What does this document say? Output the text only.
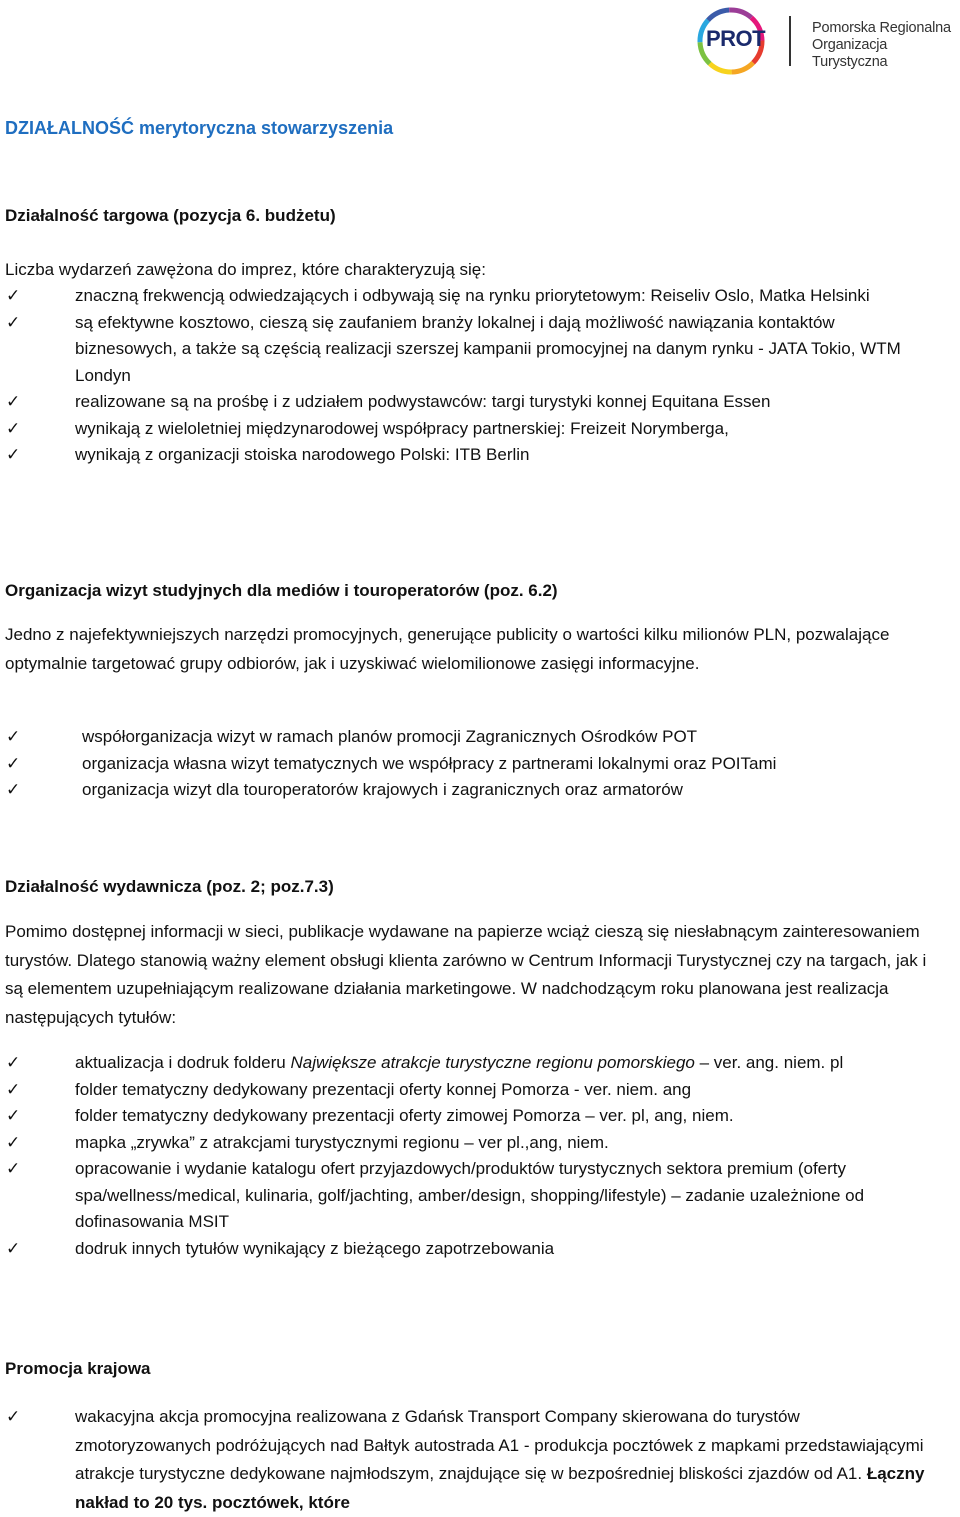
PROT	Pomorska Regionalna
Organizacja Turystyczna
DZIAŁALNOŚĆ merytoryczna stowarzyszenia
Działalność targowa (pozycja 6. budżetu)
Liczba wydarzeń zawężona do imprez, które charakteryzują się:
✓	znaczną frekwencją odwiedzających i odbywają się na rynku priorytetowym: Reiseliv Oslo, Matka Helsinki
✓	są efektywne kosztowo, cieszą się zaufaniem branży lokalnej i dają możliwość nawiązania kontaktów biznesowych, a także są częścią realizacji szerszej kampanii promocyjnej na danym rynku - JATA Tokio, WTM Londyn
✓	realizowane są na prośbę i z udziałem podwystawców: targi turystyki konnej Equitana Essen
✓	wynikają z wieloletniej międzynarodowej współpracy partnerskiej: Freizeit Norymberga,
✓	wynikają z organizacji stoiska narodowego Polski: ITB Berlin
Organizacja wizyt studyjnych dla mediów i touroperatorów (poz. 6.2)
Jedno z najefektywniejszych narzędzi promocyjnych, generujące publicity o wartości kilku milionów PLN, pozwalające optymalnie targetować grupy odbiorów, jak i uzyskiwać wielomilionowe zasięgi informacyjne.
✓	współorganizacja wizyt w ramach planów promocji Zagranicznych Ośrodków POT
✓	organizacja własna wizyt tematycznych we współpracy z partnerami lokalnymi oraz POITami
✓	organizacja wizyt dla touroperatorów krajowych i zagranicznych oraz armatorów
Działalność wydawnicza (poz. 2; poz.7.3)
Pomimo dostępnej informacji w sieci, publikacje wydawane na papierze wciąż cieszą się niesłabnącym zainteresowaniem turystów. Dlatego stanowią ważny element obsługi klienta zarówno w Centrum Informacji Turystycznej czy na targach, jak i są elementem uzupełniającym realizowane działania marketingowe. W nadchodzącym roku planowana jest realizacja następujących tytułów:
✓	aktualizacja i dodruk folderu Największe atrakcje turystyczne regionu pomorskiego – ver. ang. niem. pl
✓	folder tematyczny dedykowany prezentacji oferty konnej Pomorza - ver. niem. ang
✓	folder tematyczny dedykowany prezentacji oferty zimowej Pomorza – ver. pl, ang, niem.
✓	mapka „zrywka” z atrakcjami turystycznymi regionu – ver pl.,ang, niem.
✓	opracowanie i wydanie katalogu ofert przyjazdowych/produktów turystycznych sektora premium (oferty spa/wellness/medical, kulinaria, golf/jachting, amber/design, shopping/lifestyle) – zadanie uzależnione od dofinasowania MSIT
✓	dodruk innych tytułów wynikający z bieżącego zapotrzebowania
Promocja krajowa
✓	wakacyjna akcja promocyjna realizowana z Gdańsk Transport Company skierowana do turystów zmotoryzowanych podróżujących nad Bałtyk autostrada A1 - produkcja pocztówek z mapkami przedstawiającymi atrakcje turystyczne dedykowane najmłodszym, znajdujące się w bezpośredniej bliskości zjazdów od A1. Łączny nakład to 20 tys. pocztówek, które
